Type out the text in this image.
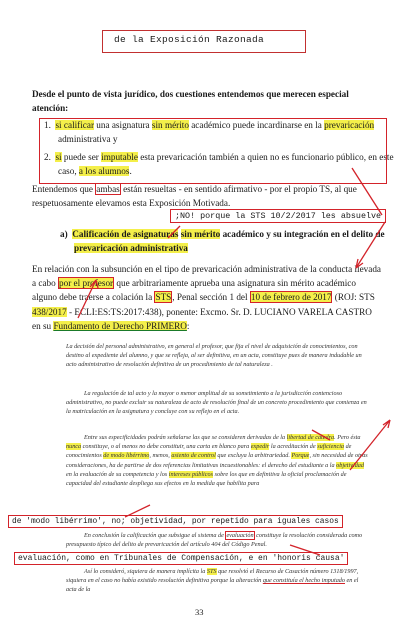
de la Exposición Razonada
Desde el punto de vista jurídico, dos cuestiones entendemos que merecen especial atención:
1. si calificar una asignatura sin mérito académico puede incardinarse en la prevaricación administrativa y
2. si puede ser imputable esta prevaricación también a quien no es funcionario público, en este caso, a los alumnos.
Entendemos que ambas están resueltas - en sentido afirmativo - por el propio TS, al que respetuosamente elevamos esta Exposición Motivada.
;NO! porque la STS 10/2/2017 les absuelve
a) Calificación de asignaturas sin mérito académico y su integración en el delito de prevaricación administrativa
En relación con la subsunción en el tipo de prevaricación administrativa de la conducta llevada a cabo por el profesor que arbitrariamente aprueba una asignatura sin mérito académico alguno debe traerse a colación la STS, Penal sección 1 del 10 de febrero de 2017 (ROJ: STS 438/2017 - ECLI:ES:TS:2017:438), ponente: Excmo. Sr. D. LUCIANO VARELA CASTRO en su Fundamento de Derecho PRIMERO:
La decisión del personal administrativo, en general el profesor, que fija el nivel de adquisición de conocimientos, con destino al expediente del alumno, y que se refleja, al ser definitiva, en un acta, constituye pues de manera indudable un acto administrativo de resolución definitiva de un procedimiento de tal naturaleza .
La regulación de tal acto y la mayor o menor amplitud de su sometimiento a la jurisdicción contencioso administrativo, no puede excluir su naturaleza de acto de resolución final de un concreto procedimiento que comienza en la matriculación en la asignatura y concluye con su reflejo en el acta.
Entre sus especificidades podrán señalarse las que se consideren derivadas de la libertad de cátedra. Pero ésta nunca constituye, o al menos no debe constituir, una carta en blanco para expedir la acreditación de suficiencia de conocimientos de modo libérrimo, menos, asiento de control que excluya la arbitrariedad. Porque, sin necesidad de otras consideraciones, ha de partirse de dos referencias limitativas incuestionables: el derecho del estudiante a la objetividad en la evaluación de su competencia y los intereses públicos sobre los que en definitiva la oficial proclamación de capacidad del estudiante despliega sus efectos en la medida que habilita para
de 'modo libérrimo', no; objetividad, por repetido para iguales casos
En conclusión la calificación que subsigue al sistema de evaluación constituye la resolución considerada como presupuesto típico del delito de prevaricación del artículo 404 del Código Penal.
evaluación, como en Tribunales de Compensación, e en 'honoris causa'
Así lo consideró, siquiera de manera implícita la STS que resolvió el Recurso de Casación número 1318/1997, siquiera en el caso no había existido resolución definitiva porque la alteración que constituía el hecho imputado en el acta de la
33
